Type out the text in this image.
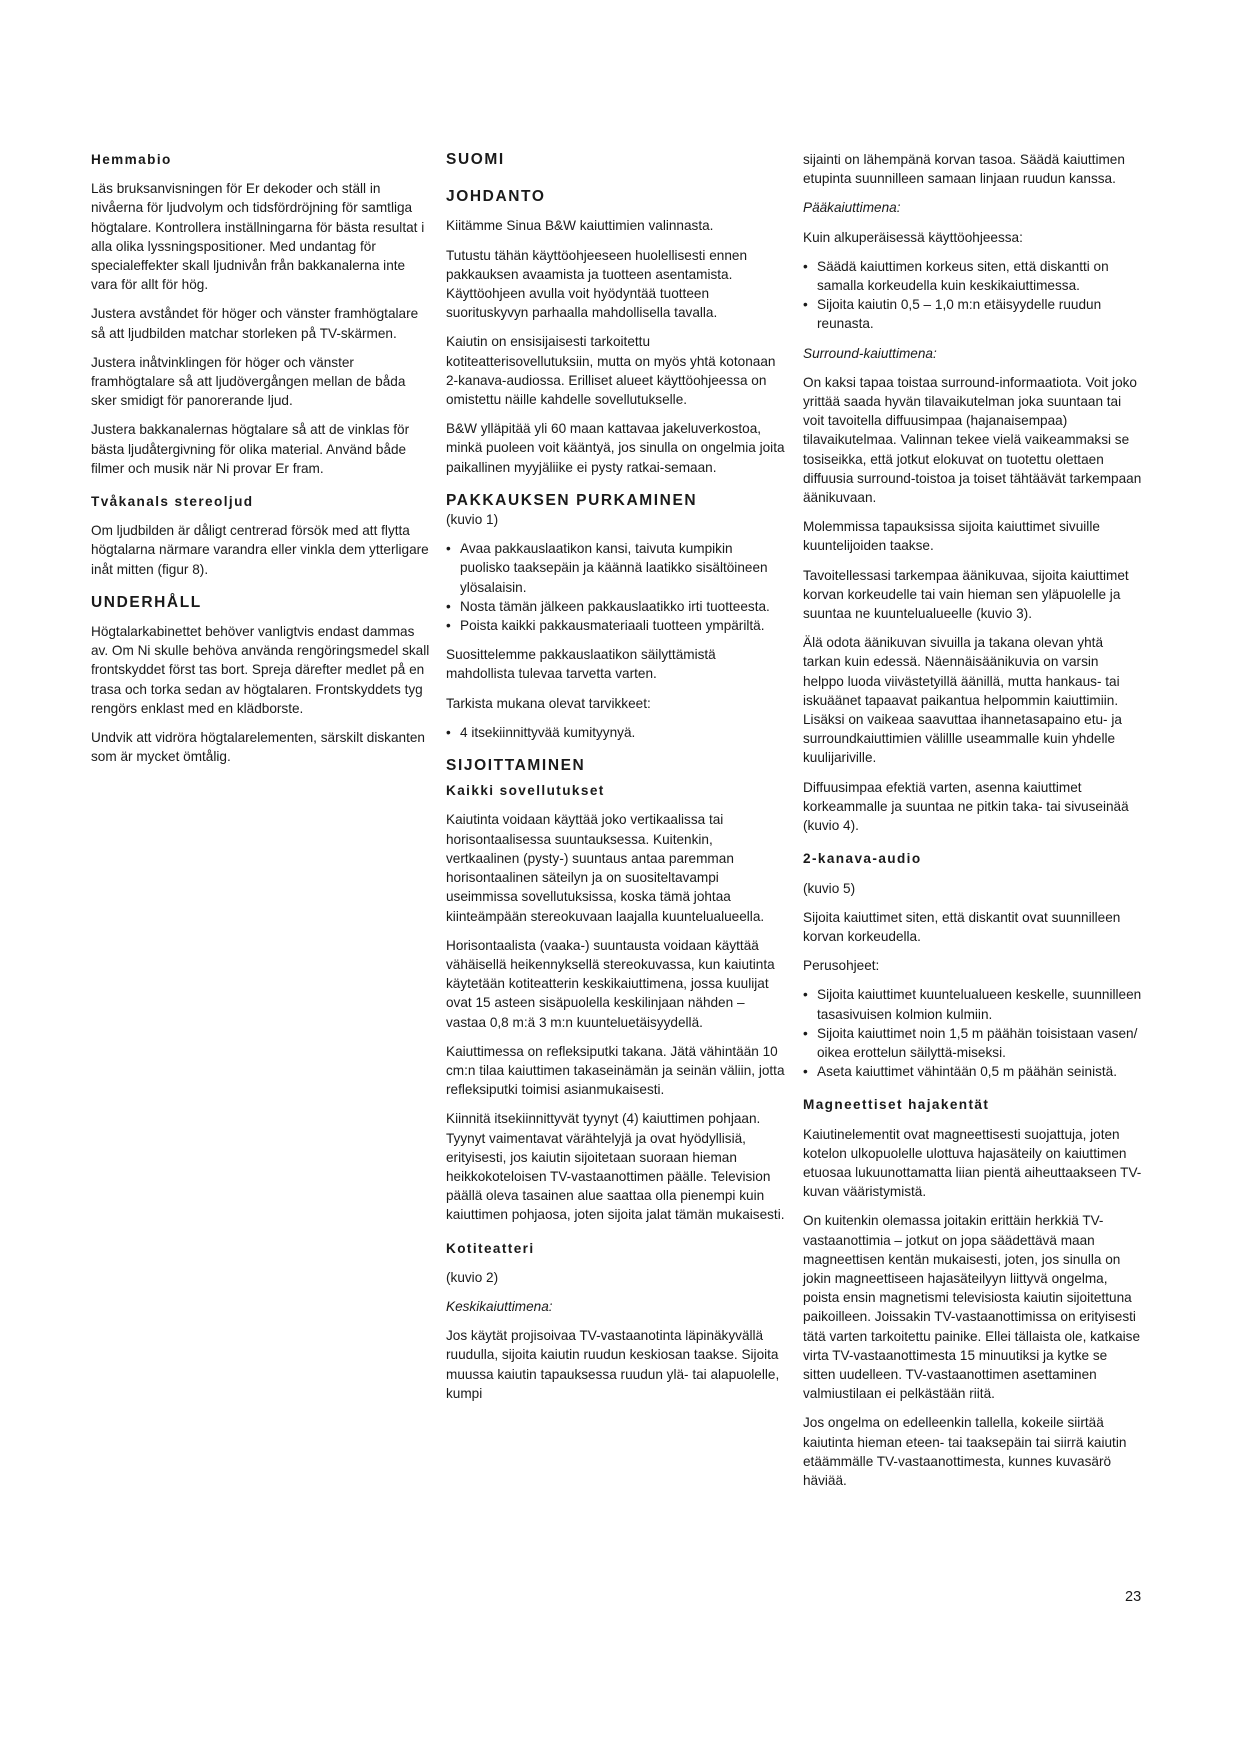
Hemmabio

Läs bruksanvisningen för Er dekoder och ställ in nivåerna för ljudvolym och tidsfördröjning för samtliga högtalare. Kontrollera inställningarna för bästa resultat i alla olika lyssningspositioner. Med undantag för specialeffekter skall ljudnivån från bakkanalerna inte vara för allt för hög.

Justera avståndet för höger och vänster framhögtalare så att ljudbilden matchar storleken på TV-skärmen.

Justera inåtvinklingen för höger och vänster framhögtalare så att ljudövergången mellan de båda sker smidigt för panorerande ljud.

Justera bakkanalernas högtalare så att de vinklas för bästa ljudåtergivning för olika material. Använd både filmer och musik när Ni provar Er fram.

Tvåkanals stereoljud

Om ljudbilden är dåligt centrerad försök med att flytta högtalarna närmare varandra eller vinkla dem ytterligare inåt mitten (figur 8).

UNDERHÅLL

Högtalarkabinettet behöver vanligtvis endast dammas av. Om Ni skulle behöva använda rengöringsmedel skall frontskyddet först tas bort. Spreja därefter medlet på en trasa och torka sedan av högtalaren. Frontskyddets tyg rengörs enklast med en klädborste.

Undvik att vidröra högtalarelementen, särskilt diskanten som är mycket ömtålig.

SUOMI

JOHDANTO

Kiitämme Sinua B&W kaiuttimien valinnasta.

Tutustu tähän käyttöohjeeseen huolellisesti ennen pakkauksen avaamista ja tuotteen asentamista. Käyttöohjeen avulla voit hyödyntää tuotteen suorituskyvyn parhaalla mahdollisella tavalla.

Kaiutin on ensisijaisesti tarkoitettu kotiteatterisovellutuksiin, mutta on myös yhtä kotonaan 2-kanava-audiossa. Erilliset alueet käyttöohjeessa on omistettu näille kahdelle sovellutukselle.

B&W ylläpitää yli 60 maan kattavaa jakeluverkostoa, minkä puoleen voit kääntyä, jos sinulla on ongelmia joita paikallinen myyjäliike ei pysty ratkai-semaan.

PAKKAUKSEN PURKAMINEN

(kuvio 1)

• Avaa pakkauslaatikon kansi, taivuta kumpikin puolisko taaksepäin ja käännä laatikko sisältöineen ylösalaisin.
• Nosta tämän jälkeen pakkauslaatikko irti tuotteesta.
• Poista kaikki pakkausmateriaali tuotteen ympäriltä.

Suosittelemme pakkauslaatikon säilyttämistä mahdollista tulevaa tarvetta varten.

Tarkista mukana olevat tarvikkeet:

• 4 itsekiinnittyvää kumityynyä.

SIJOITTAMINEN

Kaikki sovellutukset

Kaiutinta voidaan käyttää joko vertikaalissa tai horisontaalisessa suuntauksessa. Kuitenkin, vertkaalinen (pysty-) suuntaus antaa paremman horisontaalinen säteilyn ja on suositeltavampi useimmissa sovellutuksissa, koska tämä johtaa kiinteämpään stereokuvaan laajalla kuuntelualueella.

Horisontaalista (vaaka-) suuntausta voidaan käyttää vähäisellä heikennyksellä stereokuvassa, kun kaiutinta käytetään kotiteatterin keskikaiuttimena, jossa kuulijat ovat 15 asteen sisäpuolella keskilinjaan nähden – vastaa 0,8 m:ä 3 m:n kuunteluetäisyydellä.

Kaiuttimessa on refleksiputki takana. Jätä vähintään 10 cm:n tilaa kaiuttimen takaseinämän ja seinän väliin, jotta refleksiputki toimisi asianmukaisesti.

Kiinnitä itsekiinnittyvät tyynyt (4) kaiuttimen pohjaan. Tyynyt vaimentavat värähtelyjä ja ovat hyödyllisiä, erityisesti, jos kaiutin sijoitetaan suoraan hieman heikkokoteloisen TV-vastaanottimen päälle. Television päällä oleva tasainen alue saattaa olla pienempi kuin kaiuttimen pohjaosa, joten sijoita jalat tämän mukaisesti.

Kotiteatteri

(kuvio 2)

Keskikaiuttimena:

Jos käytät projisoivaa TV-vastaanotinta läpinäkyvällä ruudulla, sijoita kaiutin ruudun keskiosan taakse. Sijoita muussa kaiutin tapauksessa ruudun ylä- tai alapuolelle, kumpi

sijainti on lähempänä korvan tasoa. Säädä kaiuttimen etupinta suunnilleen samaan linjaan ruudun kanssa.

Pääkaiuttimena:

Kuin alkuperäisessä käyttöohjeessa:

• Säädä kaiuttimen korkeus siten, että diskantti on samalla korkeudella kuin keskikaiuttimessa.
• Sijoita kaiutin 0,5 – 1,0 m:n etäisyydelle ruudun reunasta.

Surround-kaiuttimena:

On kaksi tapaa toistaa surround-informaatiota. Voit joko yrittää saada hyvän tilavaikutelman joka suuntaan tai voit tavoitella diffuusimpaa (hajanaisempaa) tilavaikutelmaa. Valinnan tekee vielä vaikeammaksi se tosiseikka, että jotkut elokuvat on tuotettu olettaen diffuusia surround-toistoa ja toiset tähtäävät tarkempaan äänikuvaan.

Molemmissa tapauksissa sijoita kaiuttimet sivuille kuuntelijoiden taakse.

Tavoitellessasi tarkempaa äänikuvaa, sijoita kaiuttimet korvan korkeudelle tai vain hieman sen yläpuolelle ja suuntaa ne kuuntelualueelle (kuvio 3).

Älä odota äänikuvan sivuilla ja takana olevan yhtä tarkan kuin edessä. Näennäisäänikuvia on varsin helppo luoda viivästetyillä äänillä, mutta hankaus- tai iskuäänet tapaavat paikantua helpommin kaiuttimiin. Lisäksi on vaikeaa saavuttaa ihannetasapaino etu- ja surroundkaiuttimien välillle useammalle kuin yhdelle kuulijariville.

Diffuusimpaa efektiä varten, asenna kaiuttimet korkeammalle ja suuntaa ne pitkin taka- tai sivuseinää (kuvio 4).

2-kanava-audio

(kuvio 5)

Sijoita kaiuttimet siten, että diskantit ovat suunnilleen korvan korkeudella.

Perusohjeet:

• Sijoita kaiuttimet kuuntelualueen keskelle, suunnilleen tasasivuisen kolmion kulmiin.
• Sijoita kaiuttimet noin 1,5 m päähän toisistaan vasen/ oikea erottelun säilyttä-miseksi.
• Aseta kaiuttimet vähintään 0,5 m päähän seinistä.

Magneettiset hajakentät

Kaiutinelementit ovat magneettisesti suojattuja, joten kotelon ulkopuolelle ulottuva hajasäteily on kaiuttimen etuosaa lukuunottamatta liian pientä aiheuttaakseen TV-kuvan vääristymistä.

On kuitenkin olemassa joitakin erittäin herkkiä TV-vastaanottimia – jotkut on jopa säädettävä maan magneettisen kentän mukaisesti, joten, jos sinulla on jokin magneettiseen hajasäteilyyn liittyvä ongelma, poista ensin magnetismi televisiosta kaiutin sijoitettuna paikoilleen. Joissakin TV-vastaanottimissa on erityisesti tätä varten tarkoitettu painike. Ellei tällaista ole, katkaise virta TV-vastaanottimesta 15 minuutiksi ja kytke se sitten uudelleen. TV-vastaanottimen asettaminen valmiustilaan ei pelkästään riitä.

Jos ongelma on edelleenkin tallella, kokeile siirtää kaiutinta hieman eteen- tai taaksepäin tai siirrä kaiutin etäämmälle TV-vastaanottimesta, kunnes kuvasärö häviää.

23
